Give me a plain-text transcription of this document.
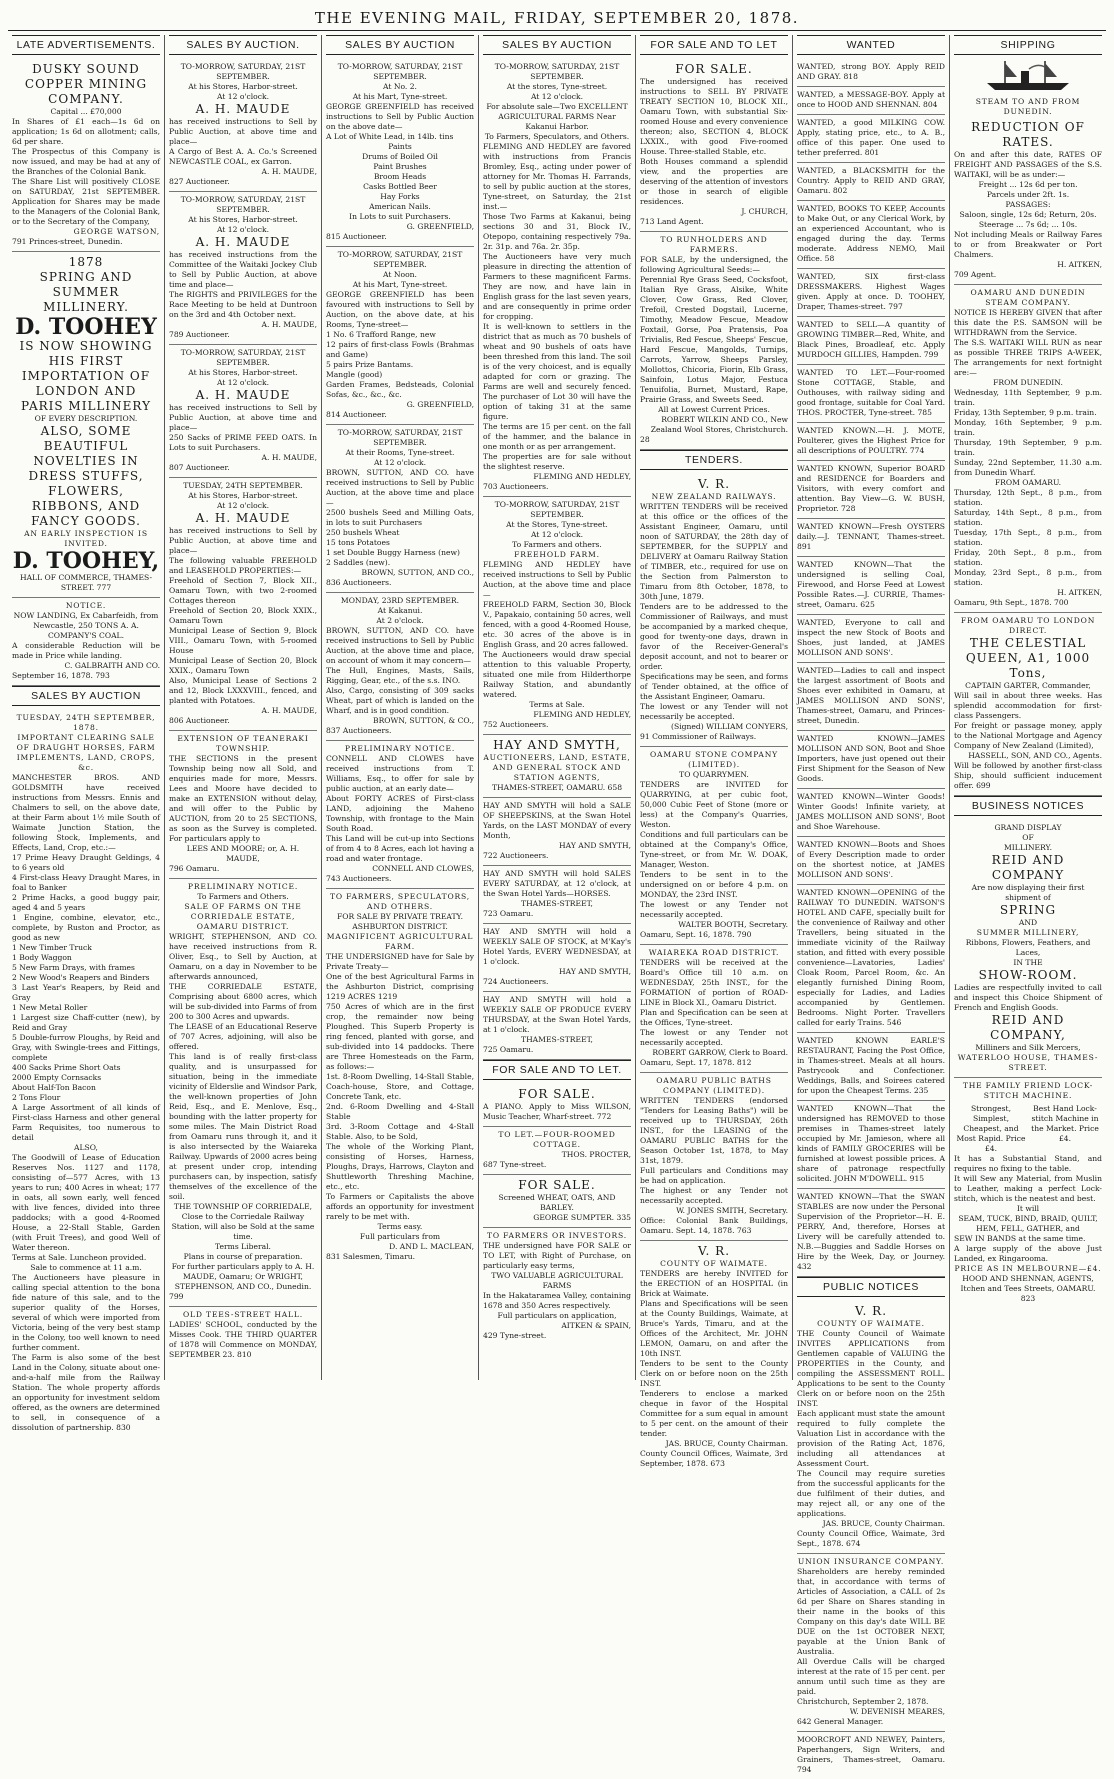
THE EVENING MAIL, FRIDAY, SEPTEMBER 20, 1878.
LATE ADVERTISEMENTS.

DUSKY SOUND COPPER MINING COMPANY.

Capital ... £70,000

In Shares of £1 each—1s 6d on application; 1s 6d on allotment; calls, 6d per share.

The Prospectus of this Company is now issued, and may be had at any of the Branches of the Colonial Bank.

The Share List will positively CLOSE on SATURDAY, 21st SEPTEMBER. Application for Shares may be made to the Managers of the Colonial Bank, or to the Secretary of the Company,

GEORGE WATSON,

791 Princes-street, Dunedin.

1878

SPRING AND SUMMER MILLINERY.

D. TOOHEY

IS NOW SHOWING HIS FIRST IMPORTATION OF

LONDON AND PARIS MILLINERY

OF EVERY DESCRIPTION.

ALSO, SOME BEAUTIFUL NOVELTIES IN DRESS STUFFS, FLOWERS, RIBBONS, AND FANCY GOODS.

AN EARLY INSPECTION IS INVITED.

D. TOOHEY,

HALL OF COMMERCE, THAMES-STREET. 777

NOTICE.

NOW LANDING, Ex Cabarfeidh, from Newcastle, 250 TONS A. A. COMPANY'S COAL.

A considerable Reduction will be made in Price while landing.

C. GALBRAITH AND CO.

September 16, 1878. 793

SALES BY AUCTION

TUESDAY, 24TH SEPTEMBER, 1878.

IMPORTANT CLEARING SALE OF DRAUGHT HORSES, FARM IMPLEMENTS, LAND, CROPS, &c.

MANCHESTER BROS. AND GOLDSMITH have received instructions from Messrs. Ennis and Chalmers to sell, on the above date, at their Farm about 1½ mile South of Waimate Junction Station, the following Stock, Implements, and Effects, Land, Crop, etc.:—

17 Prime Heavy Draught Geldings, 4 to 6 years old

4 First-class Heavy Draught Mares, in foal to Banker

2 Prime Hacks, a good buggy pair, aged 4 and 5 years

1 Engine, combine, elevator, etc., complete, by Ruston and Proctor, as good as new

1 New Timber Truck

1 Body Waggon

5 New Farm Drays, with frames

2 New Wood's Reapers and Binders

3 Last Year's Reapers, by Reid and Gray

1 New Metal Roller

1 Largest size Chaff-cutter (new), by Reid and Gray

5 Double-furrow Ploughs, by Reid and Gray, with Swingle-trees and Fittings, complete

400 Sacks Prime Short Oats

2000 Empty Cornsacks

About Half-Ton Bacon

2 Tons Flour

A Large Assortment of all kinds of First-class Harness and other general Farm Requisites, too numerous to detail

ALSO,

The Goodwill of Lease of Education Reserves Nos. 1127 and 1178, consisting of—577 Acres, with 13 years to run; 400 Acres in wheat; 177 in oats, all sown early, well fenced with live fences, divided into three paddocks; with a good 4-Roomed House, a 22-Stall Stable, Garden (with Fruit Trees), and good Well of Water thereon.

Terms at Sale. Luncheon provided.

Sale to commence at 11 a.m.

The Auctioneers have pleasure in calling special attention to the bona fide nature of this sale, and to the superior quality of the Horses, several of which were imported from Victoria, being of the very best stamp in the Colony, too well known to need further comment.

The Farm is also some of the best Land in the Colony, situate about one-and-a-half mile from the Railway Station. The whole property affords an opportunity for investment seldom offered, as the owners are determined to sell, in consequence of a dissolution of partnership. 830

SALES BY AUCTION.

TO-MORROW, SATURDAY, 21ST SEPTEMBER.

At his Stores, Harbor-street.

At 12 o'clock.

A. H. MAUDE

has received instructions to Sell by Public Auction, at above time and place—

A Cargo of Best A. A. Co.'s Screened NEWCASTLE COAL, ex Garron.

A. H. MAUDE,

827 Auctioneer.

TO-MORROW, SATURDAY, 21ST SEPTEMBER.

At his Stores, Harbor-street.

At 12 o'clock.

A. H. MAUDE

has received instructions from the Committee of the Waitaki Jockey Club to Sell by Public Auction, at above time and place—

The RIGHTS and PRIVILEGES for the Race Meeting to be held at Duntroon on the 3rd and 4th October next.

A. H. MAUDE,

789 Auctioneer.

TO-MORROW, SATURDAY, 21ST SEPTEMBER.

At his Stores, Harbor-street.

At 12 o'clock.

A. H. MAUDE

has received instructions to Sell by Public Auction, at above time and place—

250 Sacks of PRIME FEED OATS. In Lots to suit Purchasers.

A. H. MAUDE,

807 Auctioneer.

TUESDAY, 24TH SEPTEMBER.

At his Stores, Harbor-street.

At 12 o'clock.

A. H. MAUDE

has received instructions to Sell by Public Auction, at above time and place—

The following valuable FREEHOLD and LEASEHOLD PROPERTIES:—

Freehold of Section 7, Block XII., Oamaru Town, with two 2-roomed Cottages thereon

Freehold of Section 20, Block XXIX., Oamaru Town

Municipal Lease of Section 9, Block VIII., Oamaru Town, with 5-roomed House

Municipal Lease of Section 20, Block XXIX., Oamaru Town

Also, Municipal Lease of Sections 2 and 12, Block LXXXVIII., fenced, and planted with Potatoes.

A. H. MAUDE,

806 Auctioneer.

EXTENSION OF TEANERAKI TOWNSHIP.

THE SECTIONS in the present Township being now all Sold, and enquiries made for more, Messrs. Lees and Moore have decided to make an EXTENSION without delay, and will offer to the Public by AUCTION, from 20 to 25 SECTIONS, as soon as the Survey is completed. For particulars apply to

LEES AND MOORE; or, A. H. MAUDE,

796 Oamaru.

PRELIMINARY NOTICE.

To Farmers and Others.

SALE OF FARMS ON THE CORRIEDALE ESTATE, OAMARU DISTRICT.

WRIGHT, STEPHENSON, AND CO. have received instructions from R. Oliver, Esq., to Sell by Auction, at Oamaru, on a day in November to be afterwards announced,

THE CORRIEDALE ESTATE, Comprising about 6800 acres, which will be sub-divided into Farms of from 200 to 300 Acres and upwards.

The LEASE of an Educational Reserve of 707 Acres, adjoining, will also be offered.

This land is of really first-class quality, and is unsurpassed for situation, being in the immediate vicinity of Elderslie and Windsor Park, the well-known properties of John Reid, Esq., and E. Menlove, Esq., bounding with the latter property for some miles. The Main District Road from Oamaru runs through it, and it is also intersected by the Waiareka Railway. Upwards of 2000 acres being at present under crop, intending purchasers can, by inspection, satisfy themselves of the excellence of the soil.

THE TOWNSHIP OF CORRIEDALE, Close to the Corriedale Railway Station, will also be Sold at the same time.

Terms Liberal.

Plans in course of preparation.

For further particulars apply to A. H. MAUDE, Oamaru; Or WRIGHT, STEPHENSON, AND CO., Dunedin.

799

OLD TEES-STREET HALL.

LADIES' SCHOOL, conducted by the Misses Cook. THE THIRD QUARTER of 1878 will Commence on MONDAY, SEPTEMBER 23. 810

SALES BY AUCTION

TO-MORROW, SATURDAY, 21ST SEPTEMBER.

At No. 2.

At his Mart, Tyne-street.

GEORGE GREENFIELD has received instructions to Sell by Public Auction on the above date—

A Lot of White Lead, in 14lb. tins

Paints

Drums of Boiled Oil

Paint Brushes

Broom Heads

Casks Bottled Beer

Hay Forks

American Nails.

In Lots to suit Purchasers.

G. GREENFIELD,

815 Auctioneer.

TO-MORROW, SATURDAY, 21ST SEPTEMBER.

At Noon.

At his Mart, Tyne-street.

GEORGE GREENFIELD has been favoured with instructions to Sell by Auction, on the above date, at his Rooms, Tyne-street—

1 No. 6 Trafford Range, new

12 pairs of first-class Fowls (Brahmas and Game)

5 pairs Prize Bantams.

Mangle (good)

Garden Frames, Bedsteads, Colonial Sofas, &c., &c., &c.

G. GREENFIELD,

814 Auctioneer.

TO-MORROW, SATURDAY, 21ST SEPTEMBER.

At their Rooms, Tyne-street.

At 12 o'clock.

BROWN, SUTTON, AND CO. have received instructions to Sell by Public Auction, at the above time and place—

2500 bushels Seed and Milling Oats, in lots to suit Purchasers

250 bushels Wheat

15 tons Potatoes

1 set Double Buggy Harness (new)

2 Saddles (new).

BROWN, SUTTON, AND CO.,

836 Auctioneers.

MONDAY, 23RD SEPTEMBER.

At Kakanui.

At 2 o'clock.

BROWN, SUTTON, AND CO. have received instructions to Sell by Public Auction, at the above time and place, on account of whom it may concern—

The Hull, Engines, Masts, Sails, Rigging, Gear, etc., of the s.s. INO.

Also, Cargo, consisting of 309 sacks Wheat, part of which is landed on the Wharf, and is in good condition.

BROWN, SUTTON, & CO.,

837 Auctioneers.

PRELIMINARY NOTICE.

CONNELL AND CLOWES have received instructions from T. Williams, Esq., to offer for sale by public auction, at an early date—

About FORTY ACRES of First-class LAND, adjoining the Maheno Township, with frontage to the Main South Road.

This Land will be cut-up into Sections of from 4 to 8 Acres, each lot having a road and water frontage.

CONNELL AND CLOWES,

743 Auctioneers.

TO FARMERS, SPECULATORS, AND OTHERS.

FOR SALE BY PRIVATE TREATY.

ASHBURTON DISTRICT.

MAGNIFICENT AGRICULTURAL FARM.

THE UNDERSIGNED have for Sale by Private Treaty—

One of the best Agricultural Farms in the Ashburton District, comprising 1219 ACRES 1219

750 Acres of which are in the first crop, the remainder now being Ploughed. This Superb Property is ring fenced, planted with gorse, and sub-divided into 14 paddocks. There are Three Homesteads on the Farm, as follows:—

1st. 8-Room Dwelling, 14-Stall Stable, Coach-house, Store, and Cottage, Concrete Tank, etc.

2nd. 6-Room Dwelling and 4-Stall Stable

3rd. 3-Room Cottage and 4-Stall Stable. Also, to be Sold,

The whole of the Working Plant, consisting of Horses, Harness, Ploughs, Drays, Harrows, Clayton and Shuttleworth Threshing Machine, etc., etc.

To Farmers or Capitalists the above affords an opportunity for investment rarely to be met with.

Terms easy.

Full particulars from

D. AND L. MACLEAN,

831 Salesmen, Timaru.

SALES BY AUCTION

TO-MORROW, SATURDAY, 21ST SEPTEMBER.

At the stores, Tyne-street.

At 12 o'clock.

For absolute sale—Two EXCELLENT AGRICULTURAL FARMS Near Kakanui Harbor.

To Farmers, Speculators, and Others.

FLEMING AND HEDLEY are favored with instructions from Francis Bromley, Esq., acting under power of attorney for Mr. Thomas H. Farrands, to sell by public auction at the stores, Tyne-street, on Saturday, the 21st inst.—

Those Two Farms at Kakanui, being sections 30 and 31, Block IV., Otepopo, containing respectively 79a. 2r. 31p. and 76a. 2r. 35p.

The Auctioneers have very much pleasure in directing the attention of Farmers to these magnificent Farms. They are now, and have lain in English grass for the last seven years, and are consequently in prime order for cropping.

It is well-known to settlers in the district that as much as 70 bushels of wheat and 90 bushels of oats have been threshed from this land. The soil is of the very choicest, and is equally adapted for corn or grazing. The Farms are well and securely fenced. The purchaser of Lot 30 will have the option of taking 31 at the same figure.

The terms are 15 per cent. on the fall of the hammer, and the balance in one month or as per arrangement.

The properties are for sale without the slightest reserve.

FLEMING AND HEDLEY,

703 Auctioneers.

TO-MORROW, SATURDAY, 21ST SEPTEMBER.

At the Stores, Tyne-street.

At 12 o'clock.

To Farmers and others.

FREEHOLD FARM.

FLEMING AND HEDLEY have received instructions to Sell by Public Auction, at the above time and place—

FREEHOLD FARM, Section 30, Block V., Papakaio, containing 50 acres, well fenced, with a good 4-Roomed House, etc. 30 acres of the above is in English Grass, and 20 acres fallowed.

The Auctioneers would draw special attention to this valuable Property, situated one mile from Hilderthorpe Railway Station, and abundantly watered.

Terms at Sale.

FLEMING AND HEDLEY,

752 Auctioneers.

HAY AND SMYTH,

AUCTIONEERS, LAND, ESTATE, AND GENERAL STOCK AND STATION AGENTS,

THAMES-STREET, OAMARU. 658

HAY AND SMYTH will hold a SALE OF SHEEPSKINS, at the Swan Hotel Yards, on the LAST MONDAY of every Month,

HAY AND SMYTH,

722 Auctioneers.

HAY AND SMYTH will hold SALES EVERY SATURDAY, at 12 o'clock, at the Swan Hotel Yards—HORSES.

THAMES-STREET,

723 Oamaru.

HAY AND SMYTH will hold a WEEKLY SALE OF STOCK, at M'Kay's Hotel Yards, EVERY WEDNESDAY, at 1 o'clock.

HAY AND SMYTH,

724 Auctioneers.

HAY AND SMYTH will hold a WEEKLY SALE OF PRODUCE EVERY THURSDAY, at the Swan Hotel Yards, at 1 o'clock.

THAMES-STREET,

725 Oamaru.

FOR SALE AND TO LET.

FOR SALE.

A PIANO. Apply to Miss WILSON, Music Teacher, Wharf-street. 772

TO LET.—FOUR-ROOMED COTTAGE.

THOS. PROCTER,

687 Tyne-street.

FOR SALE.

Screened WHEAT, OATS, AND BARLEY.

GEORGE SUMPTER. 335

TO FARMERS OR INVESTORS.

THE undersigned have FOR SALE or TO LET, with Right of Purchase, on particularly easy terms,

TWO VALUABLE AGRICULTURAL FARMS

In the Hakataramea Valley, containing 1678 and 350 Acres respectively.

Full particulars on application,

AITKEN & SPAIN,

429 Tyne-street.

FOR SALE AND TO LET

FOR SALE.

The undersigned has received instructions to SELL BY PRIVATE TREATY SECTION 10, BLOCK XII., Oamaru Town, with substantial Six-roomed House and every convenience thereon; also, SECTION 4, BLOCK LXXIX., with good Five-roomed House. Three-stalled Stable, etc.

Both Houses command a splendid view, and the properties are deserving of the attention of investors or those in search of eligible residences.

J. CHURCH,

713 Land Agent.

TO RUNHOLDERS AND FARMERS.

FOR SALE, by the undersigned, the following Agricultural Seeds:—

Perennial Rye Grass Seed, Cocksfoot, Italian Rye Grass, Alsike, White Clover, Cow Grass, Red Clover, Trefoil, Crested Dogstail, Lucerne, Timothy, Meadow Fescue, Meadow Foxtail, Gorse, Poa Pratensis, Poa Trivialis, Red Fescue, Sheeps' Fescue, Hard Fescue, Mangolds, Turnips, Carrots, Yarrow, Sheeps Parsley, Mollottos, Chicoria, Fiorin, Elb Grass, Sainfoin, Lotus Major, Festuca Tenuifolia, Burnet, Mustard, Rape, Prairie Grass, and Sweets Seed.

All at Lowest Current Prices.

ROBERT WILKIN AND CO., New Zealand Wool Stores, Christchurch.

28

TENDERS.

V. R.

NEW ZEALAND RAILWAYS.

WRITTEN TENDERS will be received at this office or the offices of the Assistant Engineer, Oamaru, until noon of SATURDAY, the 28th day of SEPTEMBER, for the SUPPLY and DELIVERY at Oamaru Railway Station of TIMBER, etc., required for use on the Section from Palmerston to Timaru from 8th October, 1878, to 30th June, 1879.

Tenders are to be addressed to the Commissioner of Railways, and must be accompanied by a marked cheque, good for twenty-one days, drawn in favor of the Receiver-General's deposit account, and not to bearer or order.

Specifications may be seen, and forms of Tender obtained, at the office of the Assistant Engineer, Oamaru.

The lowest or any Tender will not necessarily be accepted.

(Signed) WILLIAM CONYERS,

91 Commissioner of Railways.

OAMARU STONE COMPANY (LIMITED).

TO QUARRYMEN.

TENDERS are INVITED for QUARRYING, at per cubic foot, 50,000 Cubic Feet of Stone (more or less) at the Company's Quarries, Weston.

Conditions and full particulars can be obtained at the Company's Office, Tyne-street, or from Mr. W. DOAK, Manager, Weston.

Tenders to be sent in to the undersigned on or before 4 p.m. on MONDAY, the 23rd INST.

The lowest or any Tender not necessarily accepted.

WALTER BOOTH, Secretary.

Oamaru, Sept. 16, 1878. 790

WAIAREKA ROAD DISTRICT.

TENDERS will be received at the Board's Office till 10 a.m. on WEDNESDAY, 25th INST., for the FORMATION of portion of ROAD-LINE in Block XI., Oamaru District.

Plan and Specification can be seen at the Offices, Tyne-street.

The lowest or any Tender not necessarily accepted.

ROBERT GARROW, Clerk to Board.

Oamaru, Sept. 17, 1878. 812

OAMARU PUBLIC BATHS COMPANY (LIMITED).

WRITTEN TENDERS (endorsed "Tenders for Leasing Baths") will be received up to THURSDAY, 26th INST., for the LEASING of the OAMARU PUBLIC BATHS for the Season October 1st, 1878, to May 31st, 1879.

Full particulars and Conditions may be had on application.

The highest or any Tender not necessarily accepted.

W. JONES SMITH, Secretary.

Office: Colonial Bank Buildings, Oamaru. Sept. 14, 1878. 763

V. R.

COUNTY OF WAIMATE.

TENDERS are hereby INVITED for the ERECTION of an HOSPITAL (in Brick at Waimate.

Plans and Specifications will be seen at the County Buildings, Waimate, at Bruce's Yards, Timaru, and at the Offices of the Architect, Mr. JOHN LEMON, Oamaru, on and after the 10th INST.

Tenders to be sent to the County Clerk on or before noon on the 25th INST.

Tenderers to enclose a marked cheque in favor of the Hospital Committee for a sum equal in amount to 5 per cent. on the amount of their tender.

JAS. BRUCE, County Chairman.

County Council Offices, Waimate, 3rd September, 1878. 673

WANTED

WANTED, strong BOY. Apply REID AND GRAY. 818

WANTED, a MESSAGE-BOY. Apply at once to HOOD AND SHENNAN. 804

WANTED, a good MILKING COW. Apply, stating price, etc., to A. B., office of this paper. One used to tether preferred. 801

WANTED, a BLACKSMITH for the Country. Apply to REID AND GRAY, Oamaru. 802

WANTED, BOOKS TO KEEP, Accounts to Make Out, or any Clerical Work, by an experienced Accountant, who is engaged during the day. Terms moderate. Address NEMO, Mail Office. 58

WANTED, SIX first-class DRESSMAKERS. Highest Wages given. Apply at once. D. TOOHEY, Draper, Thames-street. 797

WANTED to SELL—A quantity of GROWING TIMBER—Red, White, and Black Pines, Broadleaf, etc. Apply MURDOCH GILLIES, Hampden. 799

WANTED TO LET.—Four-roomed Stone COTTAGE, Stable, and Outhouses, with railway siding and good frontage, suitable for Coal Yard. THOS. PROCTER, Tyne-street. 785

WANTED KNOWN.—H. J. MOTE, Poulterer, gives the Highest Price for all descriptions of POULTRY. 774

WANTED KNOWN, Superior BOARD and RESIDENCE for Boarders and Visitors, with every comfort and attention. Bay View—G. W. BUSH, Proprietor. 728

WANTED KNOWN—Fresh OYSTERS daily.—J. TENNANT, Thames-street. 891

WANTED KNOWN—That the undersigned is selling Coal, Firewood, and Horse Feed at Lowest Possible Rates.—J. CURRIE, Thames-street, Oamaru. 625

WANTED, Everyone to call and inspect the new Stock of Boots and Shoes, just landed, at JAMES MOLLISON AND SONS'.

WANTED—Ladies to call and inspect the largest assortment of Boots and Shoes ever exhibited in Oamaru, at JAMES MOLLISON AND SONS', Thames-street, Oamaru, and Princes-street, Dunedin.

WANTED KNOWN—JAMES MOLLISON AND SON, Boot and Shoe Importers, have just opened out their First Shipment for the Season of New Goods.

WANTED KNOWN—Winter Goods! Winter Goods! Infinite variety, at JAMES MOLLISON AND SONS', Boot and Shoe Warehouse.

WANTED KNOWN—Boots and Shoes of Every Description made to order on the shortest notice, at JAMES MOLLISON AND SONS'.

WANTED KNOWN—OPENING of the RAILWAY TO DUNEDIN. WATSON'S HOTEL AND CAFE, specially built for the convenience of Railway and other Travellers, being situated in the immediate vicinity of the Railway station, and fitted with every possible convenience—Lavatories, Ladies' Cloak Room, Parcel Room, &c. An elegantly furnished Dining Room, especially for Ladies, and Ladies accompanied by Gentlemen. Bedrooms. Night Porter. Travellers called for early Trains. 546

WANTED KNOWN EARLE'S RESTAURANT, Facing the Post Office, in Thames-street. Meals at all hours. Pastrycook and Confectioner. Weddings, Balls, and Soirees catered for upon the Cheapest Terms. 235

WANTED KNOWN—That the undersigned has REMOVED to those premises in Thames-street lately occupied by Mr. Jamieson, where all kinds of FAMILY GROCERIES will be furnished at lowest possible prices. A share of patronage respectfully solicited. JOHN M'DOWELL. 915

WANTED KNOWN—That the SWAN STABLES are now under the Personal Supervision of the Proprietor—H. E. PERRY, And, therefore, Horses at Livery will be carefully attended to. N.B.—Buggies and Saddle Horses on Hire by the Week, Day, or Journey. 432

PUBLIC NOTICES

V. R.

COUNTY OF WAIMATE.

THE County Council of Waimate INVITES APPLICATIONS from Gentlemen capable of VALUING the PROPERTIES in the County, and compiling the ASSESSMENT ROLL. Applications to be sent to the County Clerk on or before noon on the 25th INST.

Each applicant must state the amount required to fully complete the Valuation List in accordance with the provision of the Rating Act, 1876, including all attendances at Assessment Court.

The Council may require sureties from the successful applicants for the due fulfilment of their duties, and may reject all, or any one of the applications.

JAS. BRUCE, County Chairman.

County Council Office, Waimate, 3rd Sept., 1878. 674

UNION INSURANCE COMPANY.

Shareholders are hereby reminded that, in accordance with terms of Articles of Association, a CALL of 2s 6d per Share on Shares standing in their name in the books of this Company on this day's date WILL BE DUE on the 1st OCTOBER NEXT, payable at the Union Bank of Australia.

All Overdue Calls will be charged interest at the rate of 15 per cent. per annum until such time as they are paid.

Christchurch, September 2, 1878.

W. DEVENISH MEARES,

642 General Manager.

MOORCROFT AND NEWEY, Painters, Paperhangers, Sign Writers, and Grainers, Thames-street, Oamaru. 794

SHIPPING

STEAM TO AND FROM DUNEDIN.

REDUCTION OF RATES.

On and after this date, RATES OF FREIGHT AND PASSAGES of the S.S. WAITAKI, will be as under:—

Freight ... 12s 6d per ton.

Parcels under 2ft. 1s.

PASSAGES:

Saloon, single, 12s 6d; Return, 20s.

Steerage ... 7s 6d; ... 10s.

Not including Meals or Railway Fares to or from Breakwater or Port Chalmers.

H. AITKEN,

709 Agent.

OAMARU AND DUNEDIN STEAM COMPANY.

NOTICE IS HEREBY GIVEN that after this date the P.S. SAMSON will be WITHDRAWN from the Service.

The S.S. WAITAKI WILL RUN as near as possible THREE TRIPS A-WEEK, The arrangements for next fortnight are:—

FROM DUNEDIN.

Wednesday, 11th September, 9 p.m. train.

Friday, 13th September, 9 p.m. train.

Monday, 16th September, 9 p.m. train.

Thursday, 19th September, 9 p.m. train.

Sunday, 22nd September, 11.30 a.m. from Dunedin Wharf.

FROM OAMARU.

Thursday, 12th Sept., 8 p.m., from station.

Saturday, 14th Sept., 8 p.m., from station.

Tuesday, 17th Sept., 8 p.m., from station.

Friday, 20th Sept., 8 p.m., from station.

Monday, 23rd Sept., 8 p.m., from station.

H. AITKEN,

Oamaru, 9th Sept., 1878. 700

FROM OAMARU TO LONDON DIRECT.

THE CELESTIAL QUEEN, A1, 1000 Tons,

CAPTAIN GARTER, Commander,

Will sail in about three weeks. Has splendid accommodation for first-class Passengers.

For freight or passage money, apply to the National Mortgage and Agency Company of New Zealand (Limited),

HASSELL, SON, AND CO., Agents.

Will be followed by another first-class Ship, should sufficient inducement offer. 699

BUSINESS NOTICES

GRAND DISPLAY

OF

MILLINERY.

REID AND COMPANY

Are now displaying their first shipment of

SPRING

AND

SUMMER MILLINERY,

Ribbons, Flowers, Feathers, and Laces,

IN THE

SHOW-ROOM.

Ladies are respectfully invited to call and inspect this Choice Shipment of French and English Goods.

REID AND COMPANY,

Milliners and Silk Mercers,

WATERLOO HOUSE, THAMES-STREET.

THE FAMILY FRIEND LOCK-STITCH MACHINE.

Strongest, Simplest, Cheapest, and Most Rapid. Price £4.

Best Hand Lock-stitch Machine in the Market. Price £4.

It has a Substantial Stand, and requires no fixing to the table.

It will Sew any Material, from Muslin to Leather, making a perfect Lock-stitch, which is the neatest and best.

It will

SEAM, TUCK, BIND, BRAID, QUILT, HEM, FELL, GATHER, and

SEW IN BANDS at the same time.

A large supply of the above Just Landed, ex Ringarooma.

PRICE AS IN MELBOURNE—£4.

HOOD AND SHENNAN, AGENTS,

Itchen and Tees Streets, OAMARU. 823
